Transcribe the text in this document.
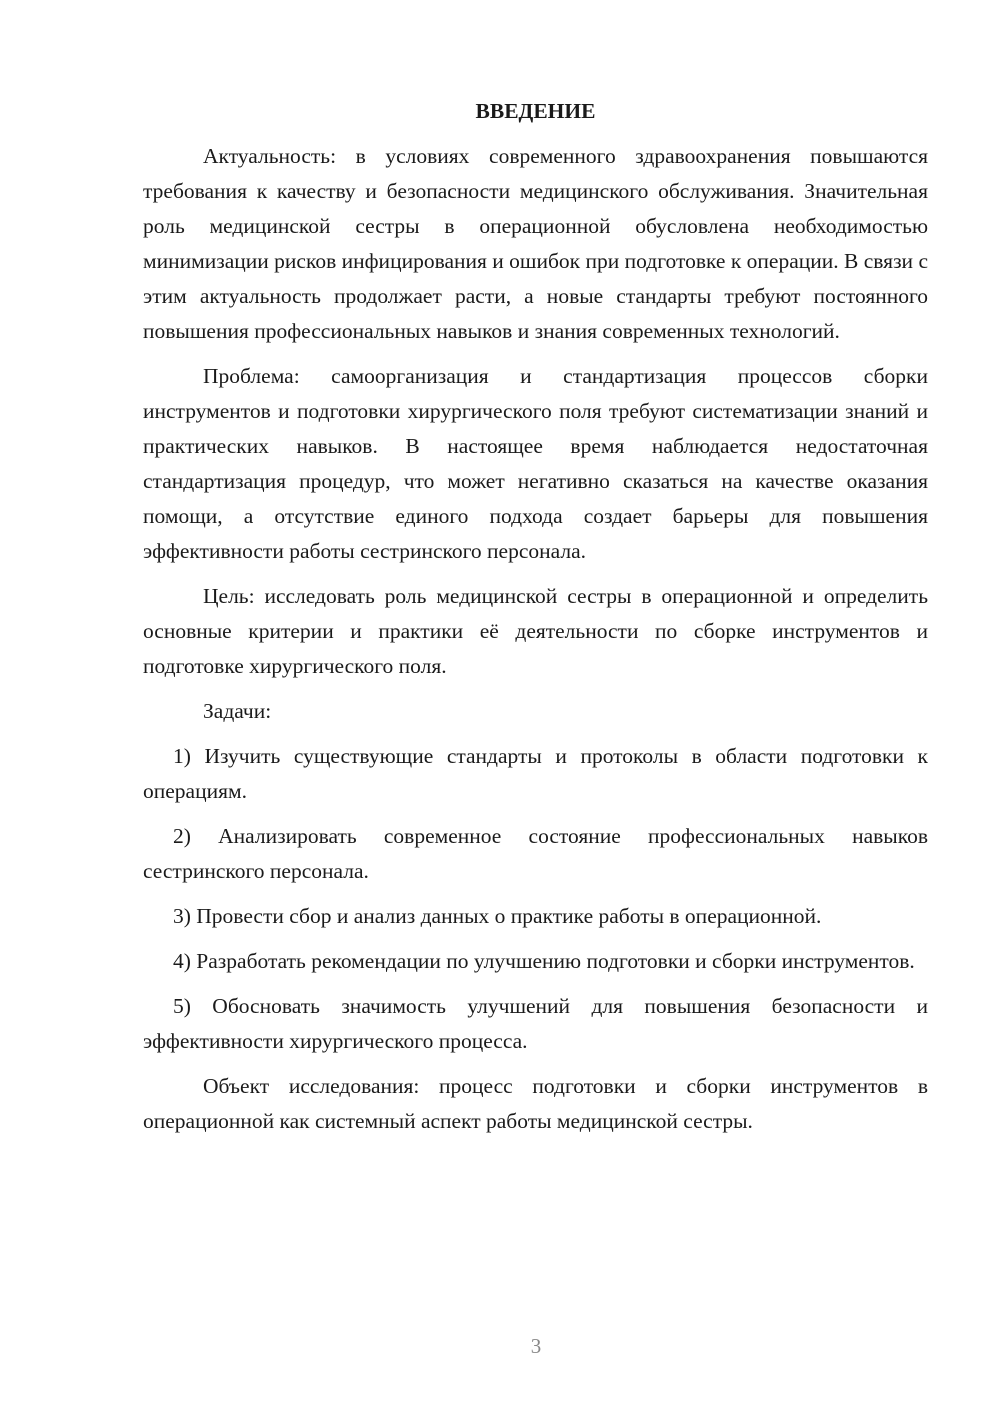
ВВЕДЕНИЕ

Актуальность: в условиях современного здравоохранения повышаются требования к качеству и безопасности медицинского обслуживания. Значительная роль медицинской сестры в операционной обусловлена необходимостью минимизации рисков инфицирования и ошибок при подготовке к операции. В связи с этим актуальность продолжает расти, а новые стандарты требуют постоянного повышения профессиональных навыков и знания современных технологий.

Проблема: самоорганизация и стандартизация процессов сборки инструментов и подготовки хирургического поля требуют систематизации знаний и практических навыков. В настоящее время наблюдается недостаточная стандартизация процедур, что может негативно сказаться на качестве оказания помощи, а отсутствие единого подхода создает барьеры для повышения эффективности работы сестринского персонала.

Цель: исследовать роль медицинской сестры в операционной и определить основные критерии и практики её деятельности по сборке инструментов и подготовке хирургического поля.

Задачи:

1) Изучить существующие стандарты и протоколы в области подготовки к операциям.

2) Анализировать современное состояние профессиональных навыков сестринского персонала.

3) Провести сбор и анализ данных о практике работы в операционной.

4) Разработать рекомендации по улучшению подготовки и сборки инструментов.

5) Обосновать значимость улучшений для повышения безопасности и эффективности хирургического процесса.

Объект исследования: процесс подготовки и сборки инструментов в операционной как системный аспект работы медицинской сестры.

3
